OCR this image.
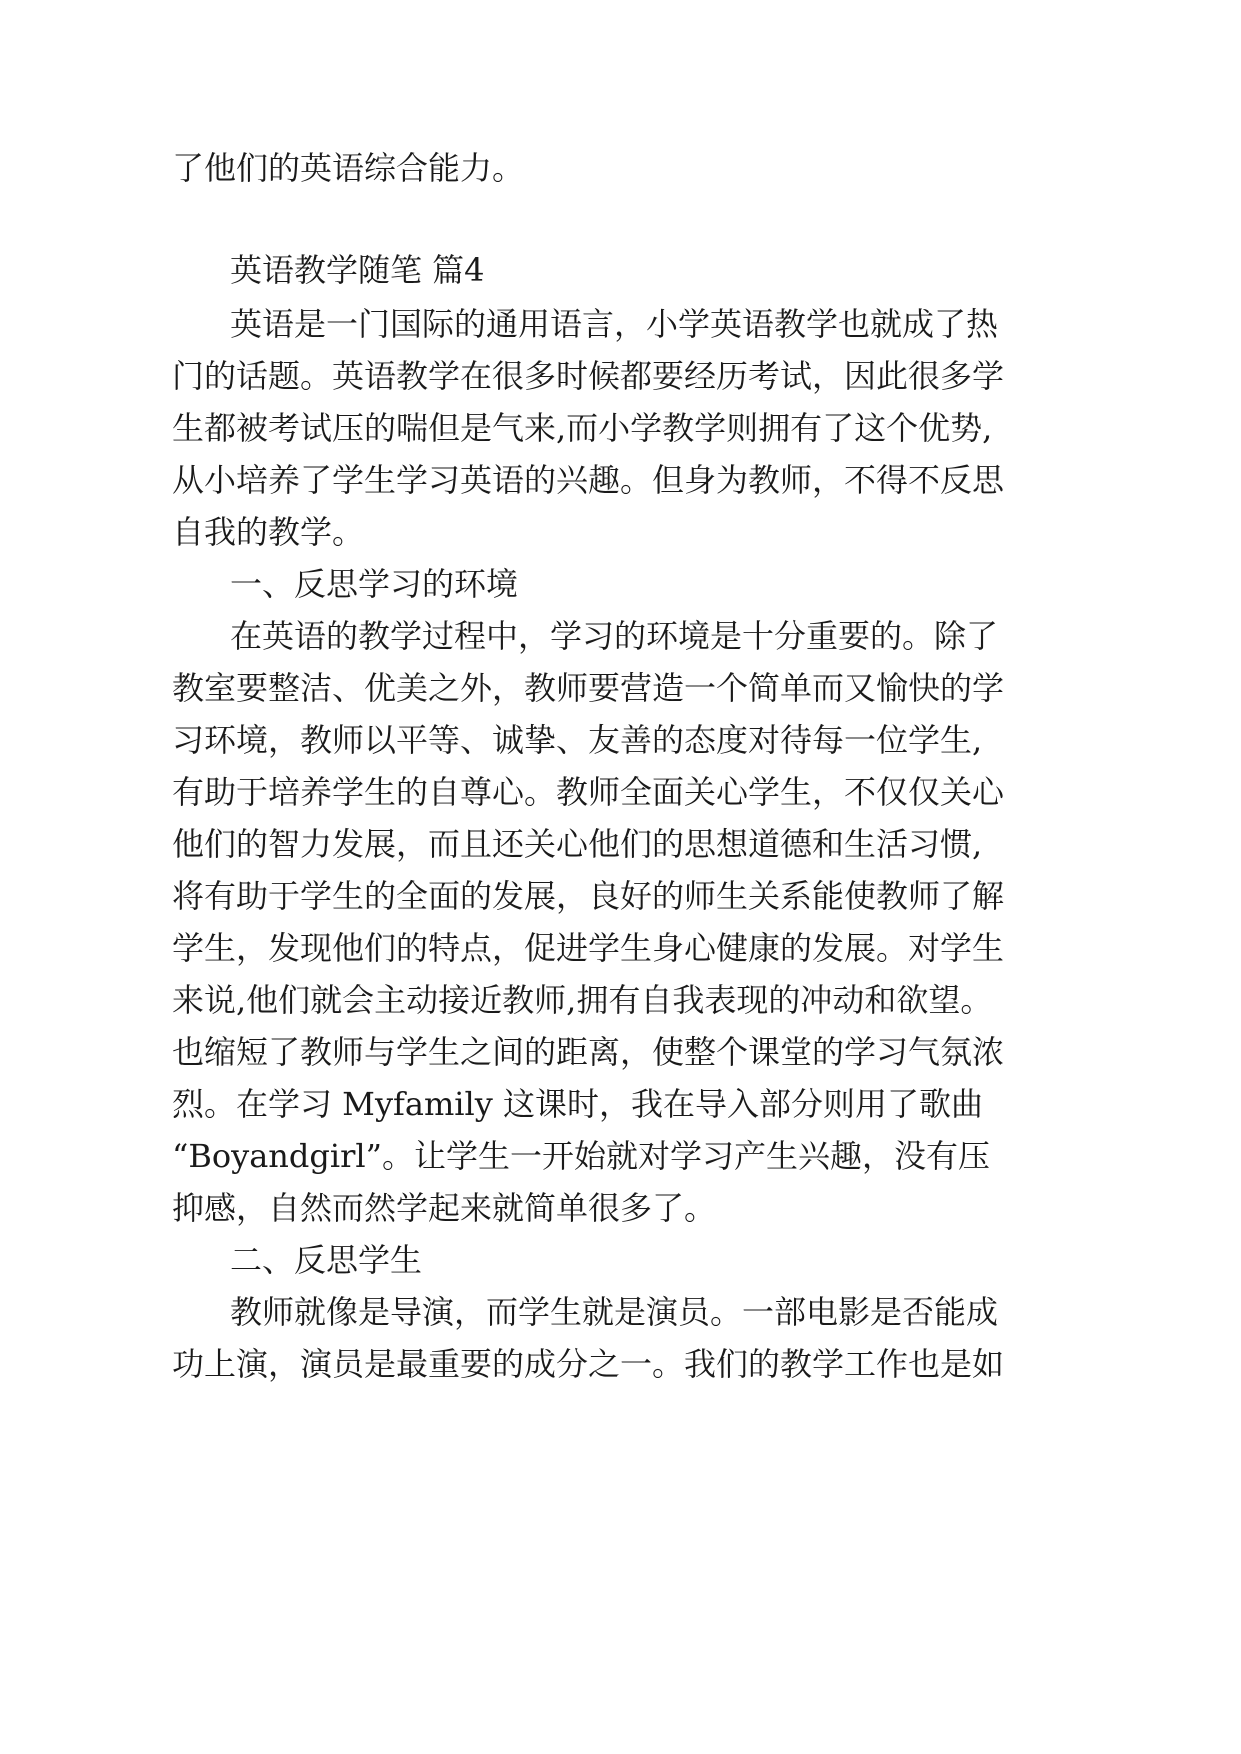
了他们的英语综合能力。
英语教学随笔 篇4
英语是一门国际的通用语言，小学英语教学也就成了热
门的话题。英语教学在很多时候都要经历考试，因此很多学
生都被考试压的喘但是气来,而小学教学则拥有了这个优势,
从小培养了学生学习英语的兴趣。但身为教师，不得不反思
自我的教学。
一、反思学习的环境
在英语的教学过程中，学习的环境是十分重要的。除了
教室要整洁、优美之外，教师要营造一个简单而又愉快的学
习环境，教师以平等、诚挚、友善的态度对待每一位学生,
有助于培养学生的自尊心。教师全面关心学生，不仅仅关心
他们的智力发展，而且还关心他们的思想道德和生活习惯,
将有助于学生的全面的发展，良好的师生关系能使教师了解
学生，发现他们的特点，促进学生身心健康的发展。对学生
来说,他们就会主动接近教师,拥有自我表现的冲动和欲望。
也缩短了教师与学生之间的距离，使整个课堂的学习气氛浓
烈。在学习 Myfamily 这课时，我在导入部分则用了歌曲
“Boyandgirl”。让学生一开始就对学习产生兴趣，没有压
抑感，自然而然学起来就简单很多了。
二、反思学生
教师就像是导演，而学生就是演员。一部电影是否能成
功上演，演员是最重要的成分之一。我们的教学工作也是如
